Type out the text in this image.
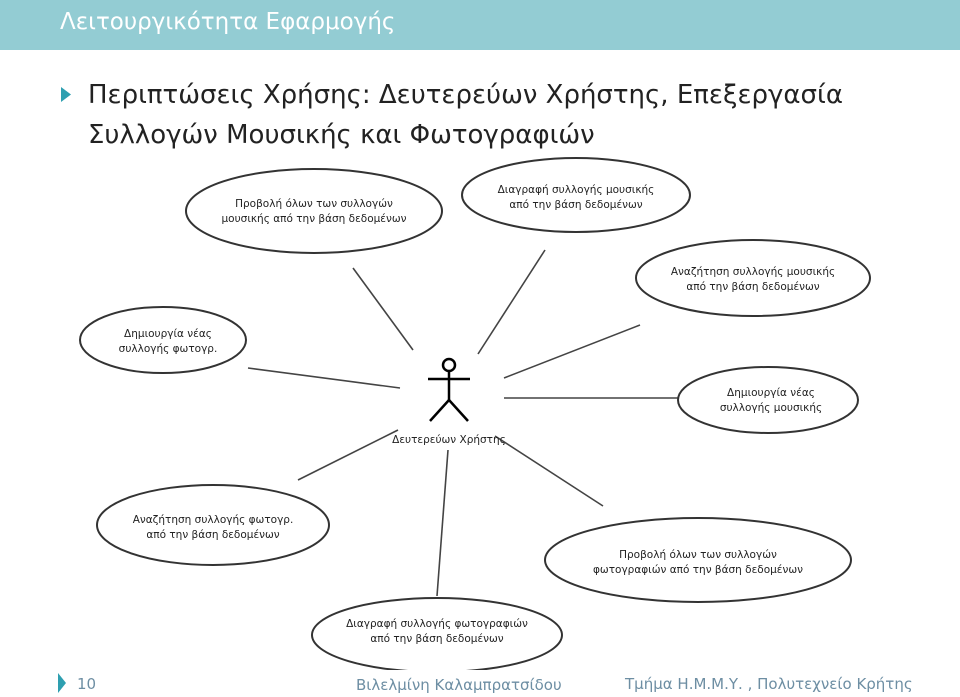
Λειτουργικότητα Εφαρμογής
Περιπτώσεις Χρήσης: Δευτερεύων Χρήστης, Επεξεργασία Συλλογών Μουσικής και Φωτογραφιών
Προβολή όλων των συλλογών
μουσικής από την βάση δεδομένων
Διαγραφή συλλογής μουσικής
από την βάση δεδομένων
Αναζήτηση συλλογής μουσικής
από την βάση δεδομένων
Δημιουργία νέας
συλλογής φωτογρ.
Δημιουργία νέας
συλλογής μουσικής
Αναζήτηση συλλογής φωτογρ.
από την βάση δεδομένων
Προβολή όλων των συλλογών
φωτογραφιών από την βάση δεδομένων
Διαγραφή συλλογής φωτογραφιών
από την βάση δεδομένων
Δευτερεύων Χρήστης
10	Βιλελμίνη Καλαμπρατσίδου	Τμήμα Η.Μ.Μ.Υ. , Πολυτεχνείο Κρήτης
